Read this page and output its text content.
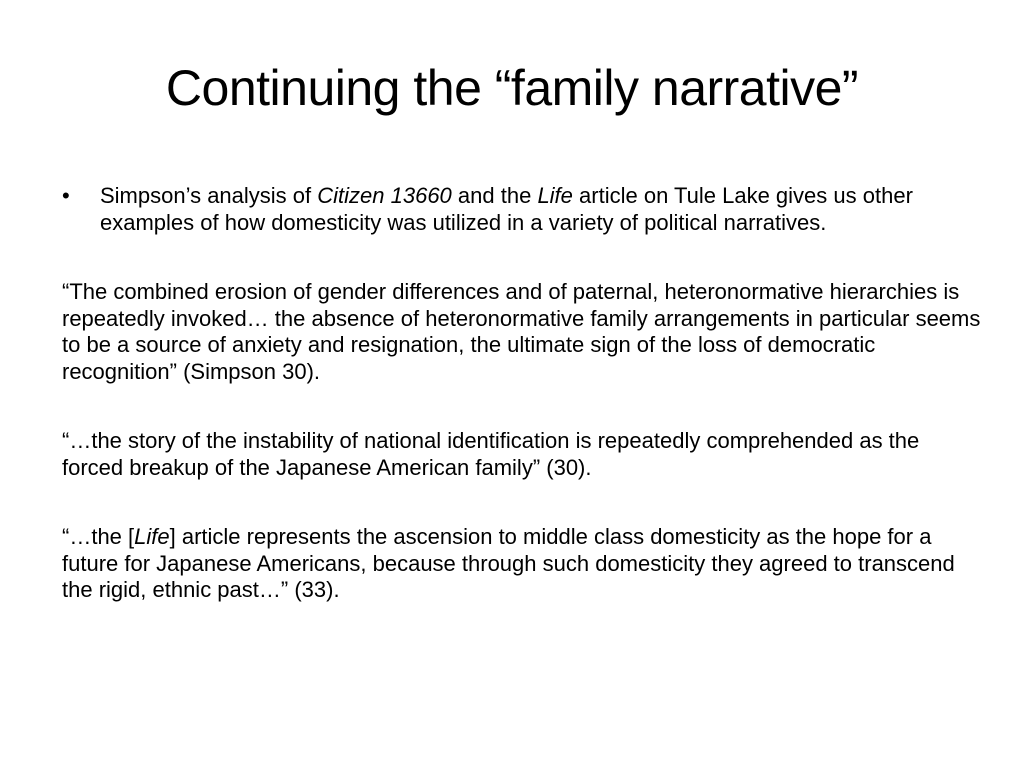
Continuing the “family narrative”

• Simpson’s analysis of Citizen 13660 and the Life article on Tule Lake gives us other examples of how domesticity was utilized in a variety of political narratives.

“The combined erosion of gender differences and of paternal, heteronormative hierarchies is repeatedly invoked… the absence of heteronormative family arrangements in particular seems to be a source of anxiety and resignation, the ultimate sign of the loss of democratic recognition” (Simpson 30).

“…the story of the instability of national identification is repeatedly comprehended as the forced breakup of the Japanese American family” (30).

“…the [Life] article represents the ascension to middle class domesticity as the hope for a future for Japanese Americans, because through such domesticity they agreed to transcend the rigid, ethnic past…” (33).
